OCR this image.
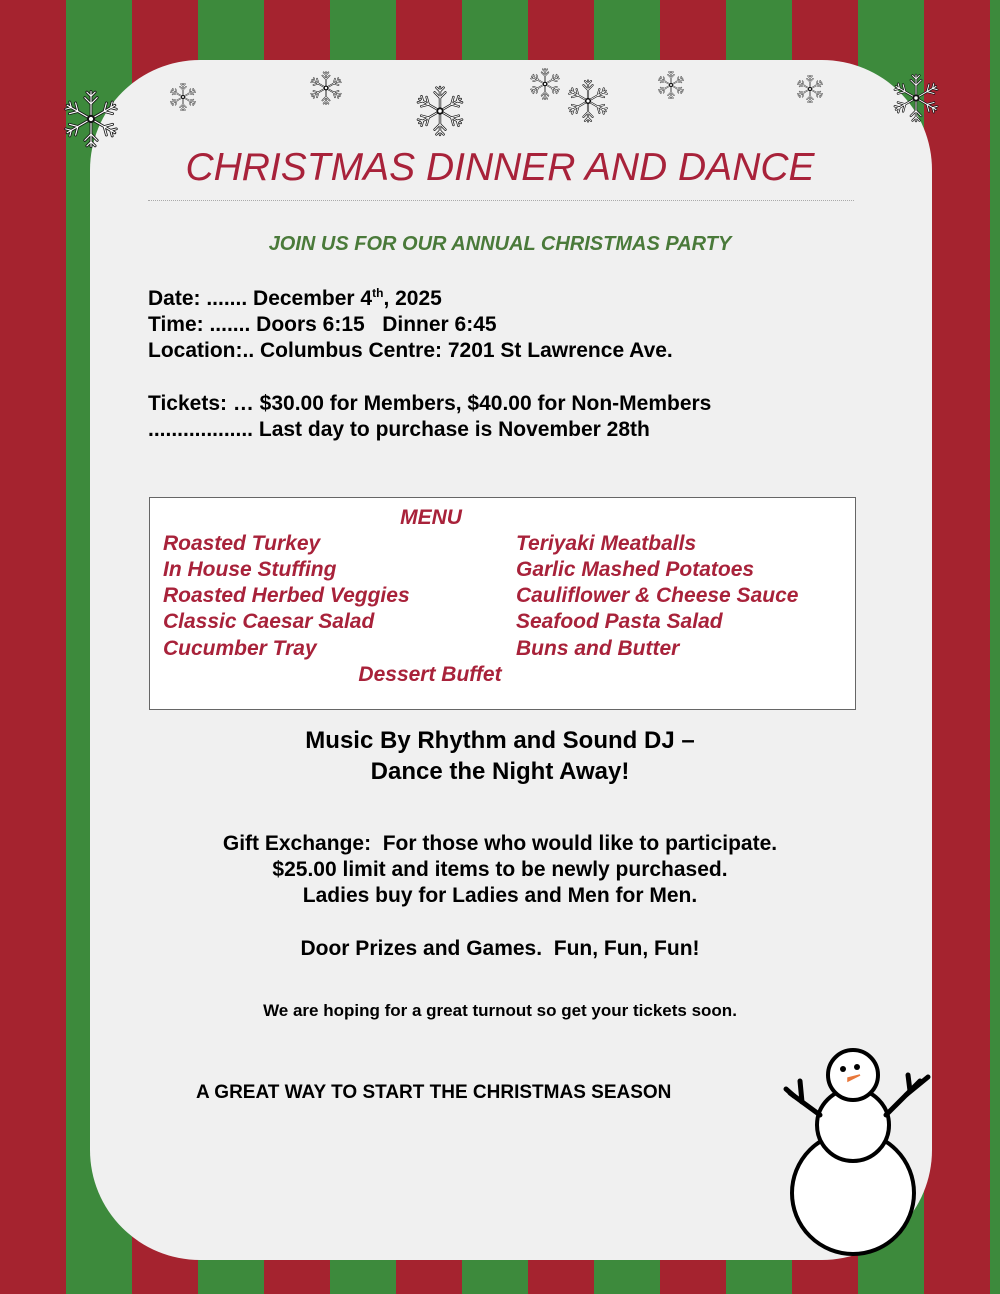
CHRISTMAS DINNER AND DANCE
JOIN US FOR OUR ANNUAL CHRISTMAS PARTY
Date: ....... December 4th, 2025
Time: ....... Doors 6:15   Dinner 6:45
Location:.. Columbus Centre: 7201 St Lawrence Ave.
Tickets: … $30.00 for Members, $40.00 for Non-Members
.................. Last day to purchase is November 28th
MENU
Roasted Turkey
In House Stuffing
Roasted Herbed Veggies
Classic Caesar Salad
Cucumber Tray
Teriyaki Meatballs
Garlic Mashed Potatoes
Cauliflower & Cheese Sauce
Seafood Pasta Salad
Buns and Butter
Dessert Buffet
Music By Rhythm and Sound DJ –
Dance the Night Away!
Gift Exchange:  For those who would like to participate.
$25.00 limit and items to be newly purchased.
Ladies buy for Ladies and Men for Men.
Door Prizes and Games.  Fun, Fun, Fun!
We are hoping for a great turnout so get your tickets soon.
A GREAT WAY TO START THE CHRISTMAS SEASON
